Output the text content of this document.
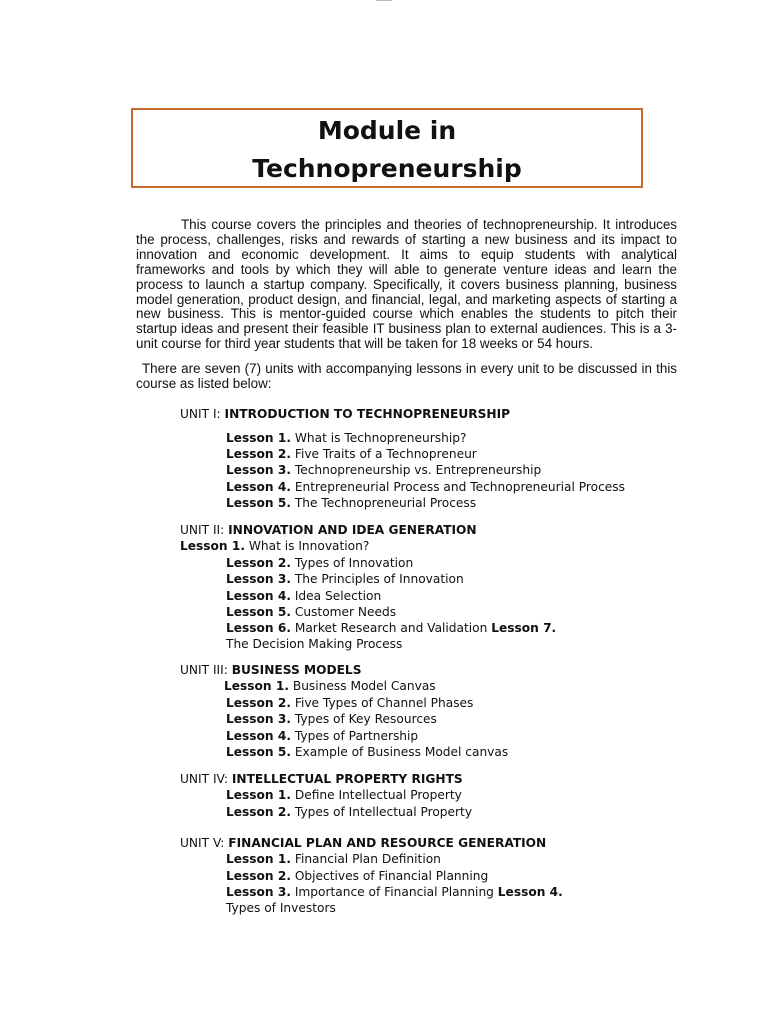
Module in
Technopreneurship

This course covers the principles and theories of technopreneurship. It introduces the process, challenges, risks and rewards of starting a new business and its impact to innovation and economic development. It aims to equip students with analytical frameworks and tools by which they will able to generate venture ideas and learn the process to launch a startup company. Specifically, it covers business planning, business model generation, product design, and financial, legal, and marketing aspects of starting a new business. This is mentor-guided course which enables the students to pitch their startup ideas and present their feasible IT business plan to external audiences. This is a 3-unit course for third year students that will be taken for 18 weeks or 54 hours.

There are seven (7) units with accompanying lessons in every unit to be discussed in this course as listed below:

UNIT I: INTRODUCTION TO TECHNOPRENEURSHIP
Lesson 1. What is Technopreneurship?
Lesson 2. Five Traits of a Technopreneur
Lesson 3. Technopreneurship vs. Entrepreneurship
Lesson 4. Entrepreneurial Process and Technopreneurial Process
Lesson 5. The Technopreneurial Process
UNIT II: INNOVATION AND IDEA GENERATION
Lesson 1. What is Innovation?
Lesson 2. Types of Innovation
Lesson 3. The Principles of Innovation
Lesson 4. Idea Selection
Lesson 5. Customer Needs
Lesson 6. Market Research and Validation Lesson 7.
The Decision Making Process
UNIT III: BUSINESS MODELS
Lesson 1. Business Model Canvas
Lesson 2. Five Types of Channel Phases
Lesson 3. Types of Key Resources
Lesson 4. Types of Partnership
Lesson 5. Example of Business Model canvas
UNIT IV: INTELLECTUAL PROPERTY RIGHTS
Lesson 1. Define Intellectual Property
Lesson 2. Types of Intellectual Property
UNIT V: FINANCIAL PLAN AND RESOURCE GENERATION
Lesson 1. Financial Plan Definition
Lesson 2. Objectives of Financial Planning
Lesson 3. Importance of Financial Planning Lesson 4.
Types of Investors
